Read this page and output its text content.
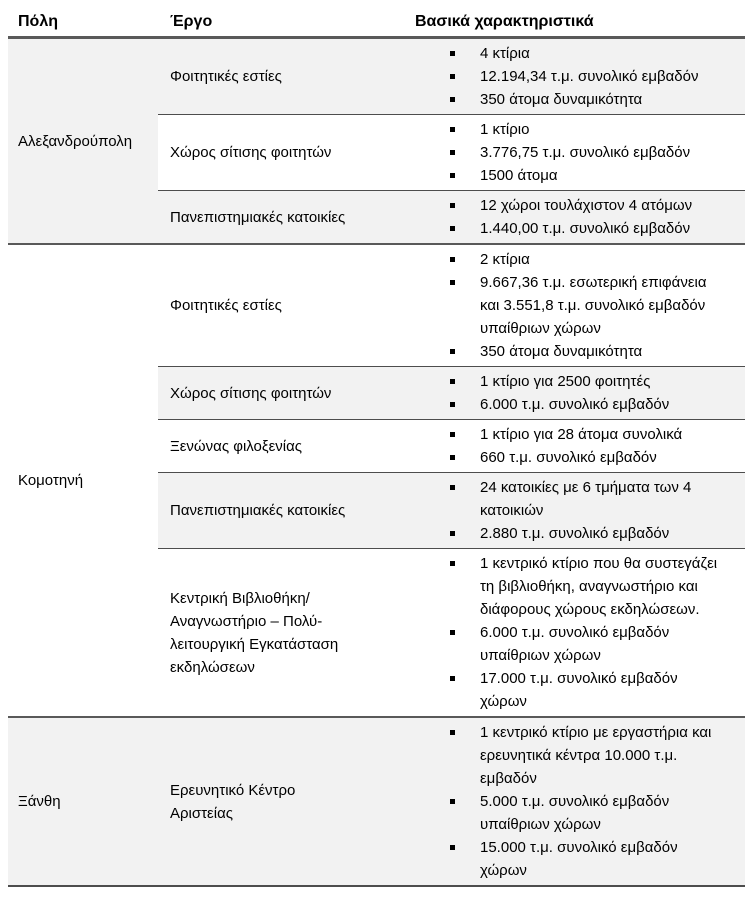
Πόλη	Έργο	Βασικά χαρακτηριστικά
Αλεξανδρούπολη	Φοιτητικές εστίες	4 κτίρια
12.194,34 τ.μ. συνολικό εμβαδόν
350 άτομα δυναμικότητα

	Χώρος σίτισης φοιτητών	1 κτίριο
3.776,75 τ.μ. συνολικό εμβαδόν
1500 άτομα

	Πανεπιστημιακές κατοικίες	12 χώροι τουλάχιστον 4 ατόμων
1.440,00 τ.μ. συνολικό εμβαδόν

Κομοτηνή	Φοιτητικές εστίες	2 κτίρια
9.667,36 τ.μ. εσωτερική επιφάνεια και 3.551,8 τ.μ. συνολικό εμβαδόν υπαίθριων χώρων
350 άτομα δυναμικότητα

	Χώρος σίτισης φοιτητών	1 κτίριο για 2500 φοιτητές
6.000 τ.μ. συνολικό εμβαδόν

	Ξενώνας φιλοξενίας	1 κτίριο για 28 άτομα συνολικά
660 τ.μ. συνολικό εμβαδόν

	Πανεπιστημιακές κατοικίες	24 κατοικίες με 6 τμήματα των 4 κατοικιών
2.880 τ.μ. συνολικό εμβαδόν

	Κεντρική Βιβλιοθήκη/Αναγνωστήριο – Πολύ-λειτουργική Εγκατάσταση εκδηλώσεων	1 κεντρικό κτίριο που θα συστεγάζει τη βιβλιοθήκη, αναγνωστήριο και διάφορους χώρους εκδηλώσεων.
6.000 τ.μ. συνολικό εμβαδόν υπαίθριων χώρων
17.000 τ.μ. συνολικό εμβαδόν χώρων

Ξάνθη	Ερευνητικό Κέντρο Αριστείας	1 κεντρικό κτίριο με εργαστήρια και ερευνητικά κέντρα 10.000 τ.μ. εμβαδόν
5.000 τ.μ. συνολικό εμβαδόν υπαίθριων χώρων
15.000 τ.μ. συνολικό εμβαδόν χώρων
